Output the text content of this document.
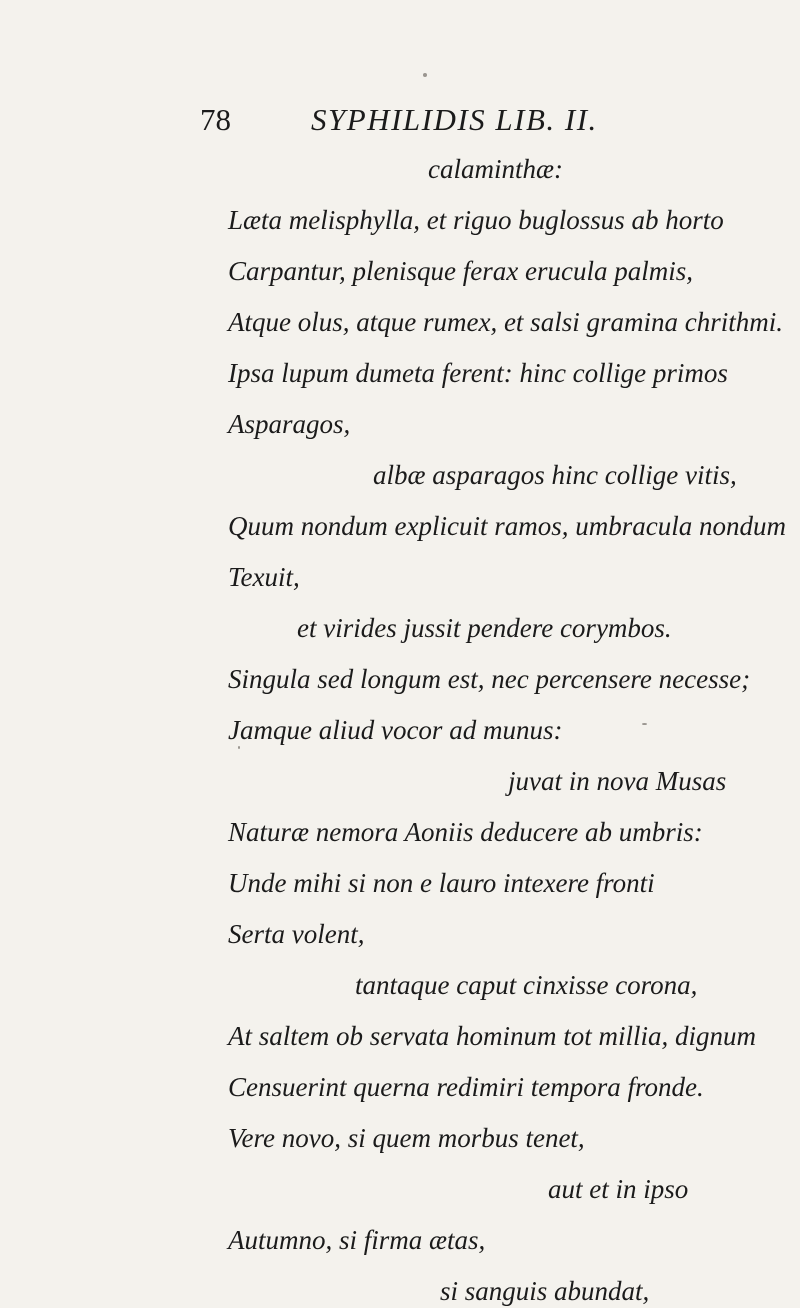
78	SYPHILIDIS LIB. II.
calaminthæ:
Læta melisphylla, et riguo buglossus ab horto
Carpantur, plenisque ferax erucula palmis,
Atque olus, atque rumex, et salsi gramina chrithmi.
Ipsa lupum dumeta ferent: hinc collige primos
Asparagos,
albæ asparagos hinc collige vitis,
Quum nondum explicuit ramos, umbracula nondum
Texuit,
et virides jussit pendere corymbos.
Singula sed longum est, nec percensere necesse;
Jamque aliud vocor ad munus:
juvat in nova Musas
Naturæ nemora Aoniis deducere ab umbris:
Unde mihi si non e lauro intexere fronti
Serta volent,
tantaque caput cinxisse corona,
At saltem ob servata hominum tot millia, dignum
Censuerint querna redimiri tempora fronde.
Vere novo, si quem morbus tenet,
aut et in ipso
Autumno, si firma ætas,
si sanguis abundat,
